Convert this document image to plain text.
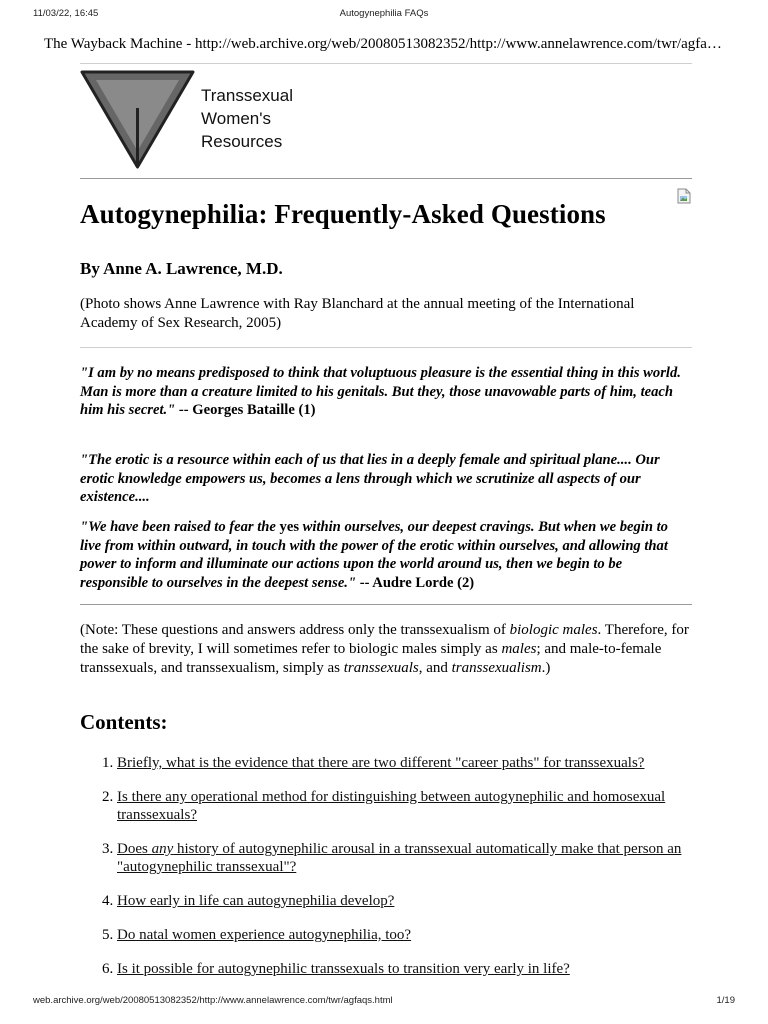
11/03/22, 16:45	Autogynephilia FAQs
The Wayback Machine - http://web.archive.org/web/20080513082352/http://www.annelawrence.com/twr/agfa…
Transsexual
Women's
Resources
Autogynephilia: Frequently-Asked Questions
By Anne A. Lawrence, M.D.
(Photo shows Anne Lawrence with Ray Blanchard at the annual meeting of the International Academy of Sex Research, 2005)
"I am by no means predisposed to think that voluptuous pleasure is the essential thing in this world. Man is more than a creature limited to his genitals. But they, those unavowable parts of him, teach him his secret." -- Georges Bataille (1)
"The erotic is a resource within each of us that lies in a deeply female and spiritual plane.... Our erotic knowledge empowers us, becomes a lens through which we scrutinize all aspects of our existence....
"We have been raised to fear the yes within ourselves, our deepest cravings. But when we begin to live from within outward, in touch with the power of the erotic within ourselves, and allowing that power to inform and illuminate our actions upon the world around us, then we begin to be responsible to ourselves in the deepest sense." -- Audre Lorde (2)
(Note: These questions and answers address only the transsexualism of biologic males. Therefore, for the sake of brevity, I will sometimes refer to biologic males simply as males; and male-to-female transsexuals, and transsexualism, simply as transsexuals, and transsexualism.)
Contents:
1. Briefly, what is the evidence that there are two different "career paths" for transsexuals?
2. Is there any operational method for distinguishing between autogynephilic and homosexual transsexuals?
3. Does any history of autogynephilic arousal in a transsexual automatically make that person an "autogynephilic transsexual"?
4. How early in life can autogynephilia develop?
5. Do natal women experience autogynephilia, too?
6. Is it possible for autogynephilic transsexuals to transition very early in life?
web.archive.org/web/20080513082352/http://www.annelawrence.com/twr/agfaqs.html	1/19
